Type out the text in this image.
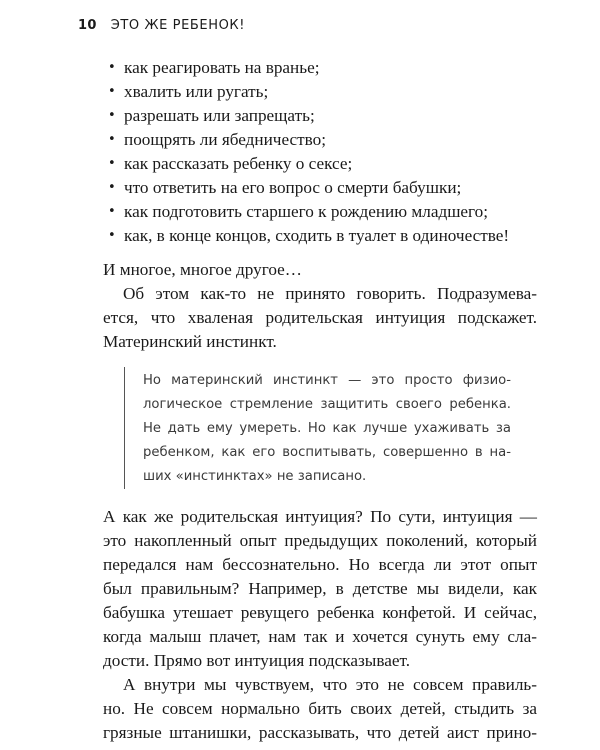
10 ЭТО ЖЕ РЕБЕНОК!
• как реагировать на вранье;
• хвалить или ругать;
• разрешать или запрещать;
• поощрять ли ябедничество;
• как рассказать ребенку о сексе;
• что ответить на его вопрос о смерти бабушки;
• как подготовить старшего к рождению младшего;
• как, в конце концов, сходить в туалет в одиночестве!

И многое, многое другое…

Об этом как-то не принято говорить. Подразумева-
ется, что хваленая родительская интуиция подскажет.
Материнский инстинкт.

Но материнский инстинкт — это просто физио-
логическое стремление защитить своего ребенка.
Не дать ему умереть. Но как лучше ухаживать за
ребенком, как его воспитывать, совершенно в на-
ших «инстинктах» не записано.

А как же родительская интуиция? По сути, интуиция —
это накопленный опыт предыдущих поколений, который
передался нам бессознательно. Но всегда ли этот опыт
был правильным? Например, в детстве мы видели, как
бабушка утешает ревущего ребенка конфетой. И сейчас,
когда малыш плачет, нам так и хочется сунуть ему сла-
дости. Прямо вот интуиция подсказывает.

А внутри мы чувствуем, что это не совсем правиль-
но. Не совсем нормально бить своих детей, стыдить за
грязные штанишки, рассказывать, что детей аист прино-
